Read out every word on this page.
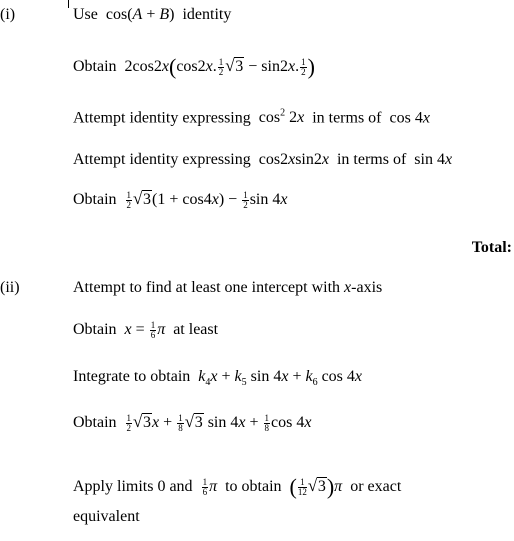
(i)	Use  cos(A + B)  identity
Obtain  2cos2x(cos2x. $\frac{1}{2}$ √ 3 − sin2x. $\frac{1}{2}$ )
Attempt identity expressing  $\cos^2 2x$  in terms of  cos 4x
Attempt identity expressing  cos2xsin2x  in terms of  sin 4x
Obtain $\frac{1}{2}$ √ $3(1 + \cos 4x) - \frac{1}{2}$ sin 4x
Total:
(ii)	Attempt to find at least one intercept with x-axis
Obtain  $x = \frac{1}{6}$ π  at least
Integrate to obtain  $k_4x + k_5$ $\sin 4x + k_6$ cos 4x
Obtain $\frac{1}{2}$ √ $3x + \frac{1}{8}$ √ 3 $\sin 4x + \frac{1}{8}$ cos 4x
Apply limits 0 and $\frac{1}{6}$ π  to obtain  ( $\frac{1}{12}$ √ 3)π  or exact
equivalent
